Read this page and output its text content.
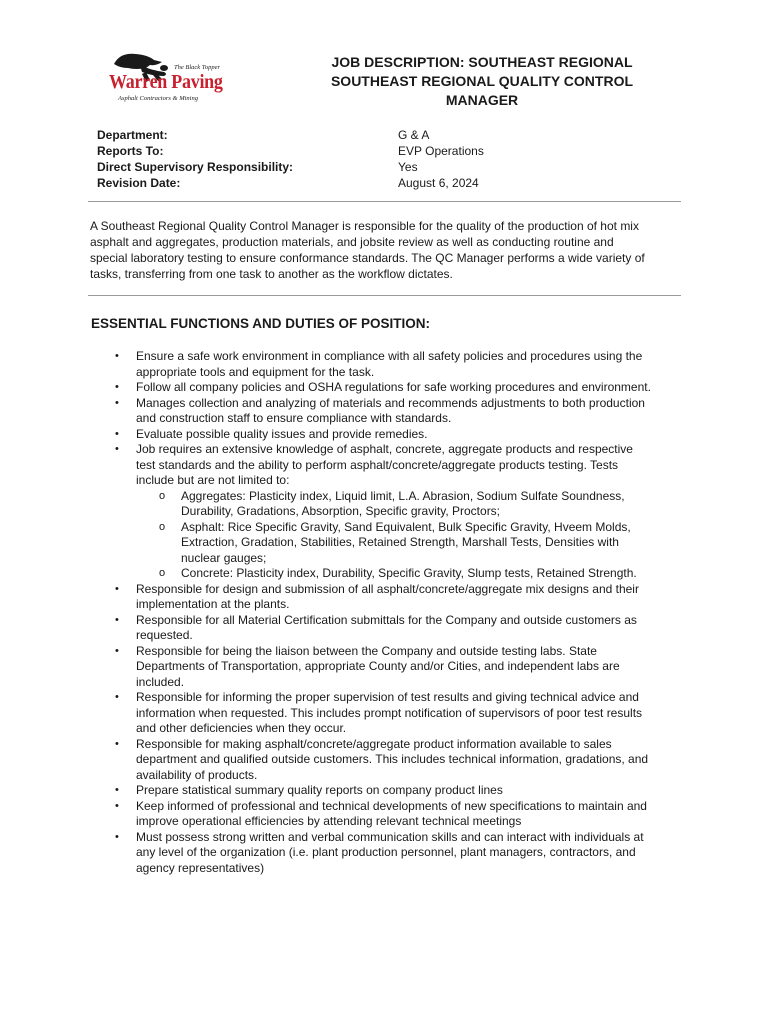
The Black Topper
Warren Paving
Asphalt Contractors & Mining
JOB DESCRIPTION: SOUTHEAST REGIONAL
SOUTHEAST REGIONAL QUALITY CONTROL
MANAGER
Department:
Reports To:
Direct Supervisory Responsibility:
Revision Date:
G & A
EVP Operations
Yes
August 6, 2024
A Southeast Regional Quality Control Manager is responsible for the quality of the production of hot mix
asphalt and aggregates, production materials, and jobsite review as well as conducting routine and
special laboratory testing to ensure conformance standards. The QC Manager performs a wide variety of
tasks, transferring from one task to another as the workflow dictates.
ESSENTIAL FUNCTIONS AND DUTIES OF POSITION:
• Ensure a safe work environment in compliance with all safety policies and procedures using the
appropriate tools and equipment for the task.
• Follow all company policies and OSHA regulations for safe working procedures and environment.
• Manages collection and analyzing of materials and recommends adjustments to both production
and construction staff to ensure compliance with standards.
• Evaluate possible quality issues and provide remedies.
• Job requires an extensive knowledge of asphalt, concrete, aggregate products and respective
test standards and the ability to perform asphalt/concrete/aggregate products testing. Tests
include but are not limited to:
o Aggregates: Plasticity index, Liquid limit, L.A. Abrasion, Sodium Sulfate Soundness,
Durability, Gradations, Absorption, Specific gravity, Proctors;
o Asphalt: Rice Specific Gravity, Sand Equivalent, Bulk Specific Gravity, Hveem Molds,
Extraction, Gradation, Stabilities, Retained Strength, Marshall Tests, Densities with
nuclear gauges;
o Concrete: Plasticity index, Durability, Specific Gravity, Slump tests, Retained Strength.
• Responsible for design and submission of all asphalt/concrete/aggregate mix designs and their
implementation at the plants.
• Responsible for all Material Certification submittals for the Company and outside customers as
requested.
• Responsible for being the liaison between the Company and outside testing labs. State
Departments of Transportation, appropriate County and/or Cities, and independent labs are
included.
• Responsible for informing the proper supervision of test results and giving technical advice and
information when requested. This includes prompt notification of supervisors of poor test results
and other deficiencies when they occur.
• Responsible for making asphalt/concrete/aggregate product information available to sales
department and qualified outside customers. This includes technical information, gradations, and
availability of products.
• Prepare statistical summary quality reports on company product lines
• Keep informed of professional and technical developments of new specifications to maintain and
improve operational efficiencies by attending relevant technical meetings
• Must possess strong written and verbal communication skills and can interact with individuals at
any level of the organization (i.e. plant production personnel, plant managers, contractors, and
agency representatives)
